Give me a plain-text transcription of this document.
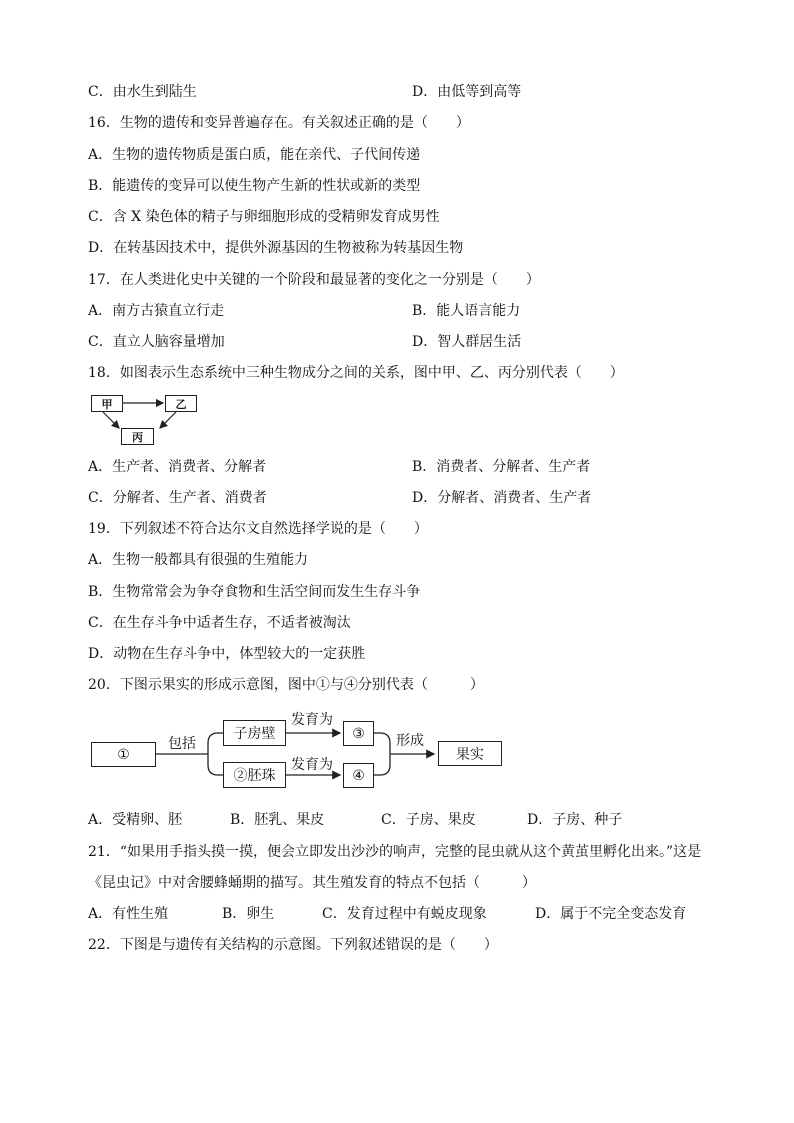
C．由水生到陆生	D．由低等到高等
16．生物的遗传和变异普遍存在。有关叙述正确的是（　　）
A．生物的遗传物质是蛋白质，能在亲代、子代间传递
B．能遗传的变异可以使生物产生新的性状或新的类型
C．含 X 染色体的精子与卵细胞形成的受精卵发育成男性
D．在转基因技术中，提供外源基因的生物被称为转基因生物
17．在人类进化史中关键的一个阶段和最显著的变化之一分别是（　　）
A．南方古猿直立行走	B．能人语言能力
C．直立人脑容量增加	D．智人群居生活
18．如图表示生态系统中三种生物成分之间的关系，图中甲、乙、丙分别代表（　　）
甲	乙
丙
A．生产者、消费者、分解者	B．消费者、分解者、生产者
C．分解者、生产者、消费者	D．分解者、消费者、生产者
19．下列叙述不符合达尔文自然选择学说的是（　　）
A．生物一般都具有很强的生殖能力
B．生物常常会为争夺食物和生活空间而发生生存斗争
C．在生存斗争中适者生存，不适者被淘汰
D．动物在生存斗争中，体型较大的一定获胜
20．下图示果实的形成示意图，图中①与④分别代表（　　　）
①
包括
子房壁
②胚珠
发育为
发育为
③
④
形成
果实
A．受精卵、胚	B．胚乳、果皮	C．子房、果皮	D．子房、种子
21．“如果用手指头摸一摸，便会立即发出沙沙的响声，完整的昆虫就从这个黄茧里孵化出来。”这是
《昆虫记》中对舍腰蜂蛹期的描写。其生殖发育的特点不包括（　　　）
A．有性生殖	B．卵生	C．发育过程中有蜕皮现象	D．属于不完全变态发育
22．下图是与遗传有关结构的示意图。下列叙述错误的是（　　）
